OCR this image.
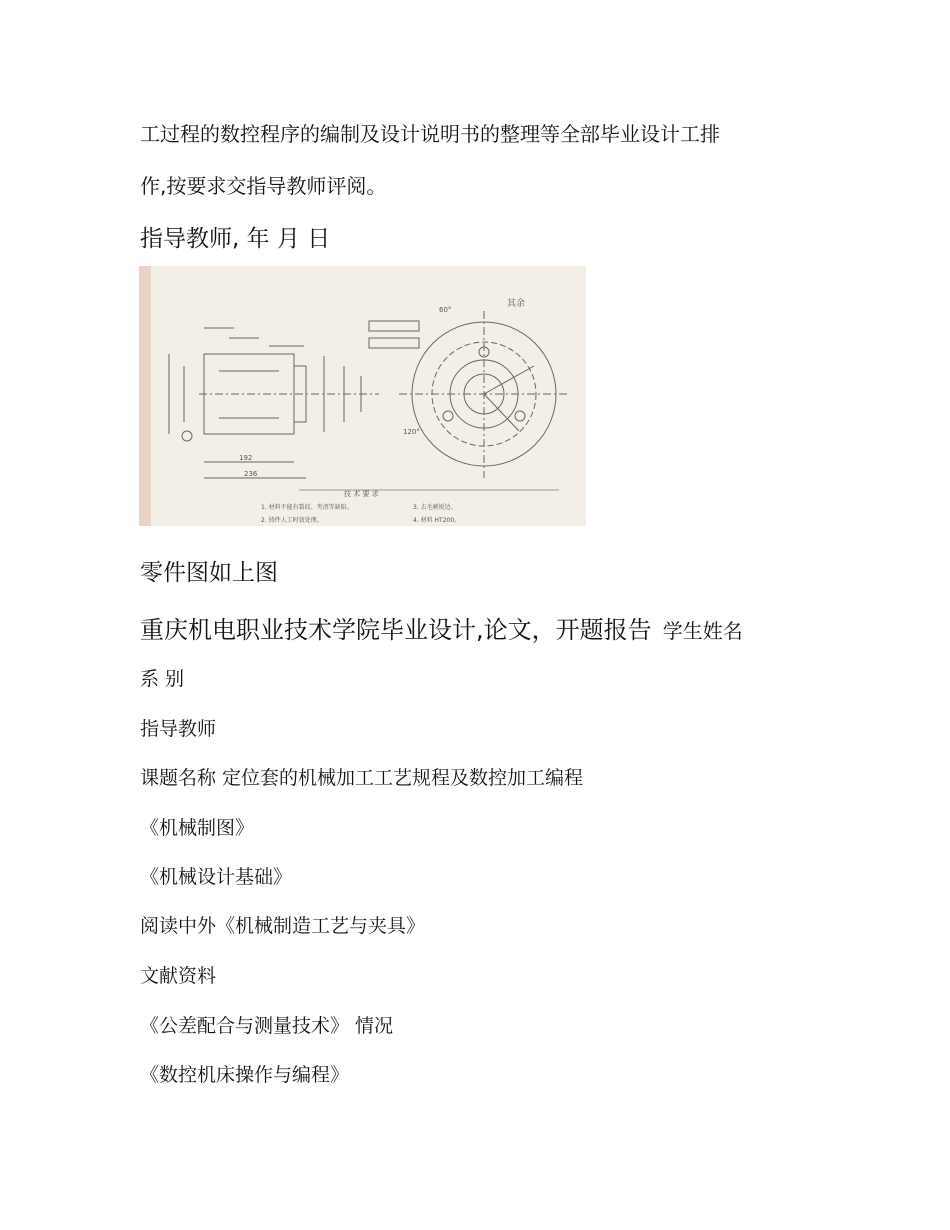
工过程的数控程序的编制及设计说明书的整理等全部毕业设计工排
作,按要求交指导教师评阅。
指导教师, 年 月 日
其余
60°
120°
192
236
技 术 要 求
1. 材料不能有裂纹、夹渣等缺陷。
2. 铸件人工时效处理。
3. 去毛刺锐边。
4. 材料 HT200。
零件图如上图
重庆机电职业技术学院毕业设计,论文，开题报告 学生姓名
系 别
指导教师
课题名称 定位套的机械加工工艺规程及数控加工编程
《机械制图》
《机械设计基础》
阅读中外《机械制造工艺与夹具》
文献资料
《公差配合与测量技术》 情况
《数控机床操作与编程》
